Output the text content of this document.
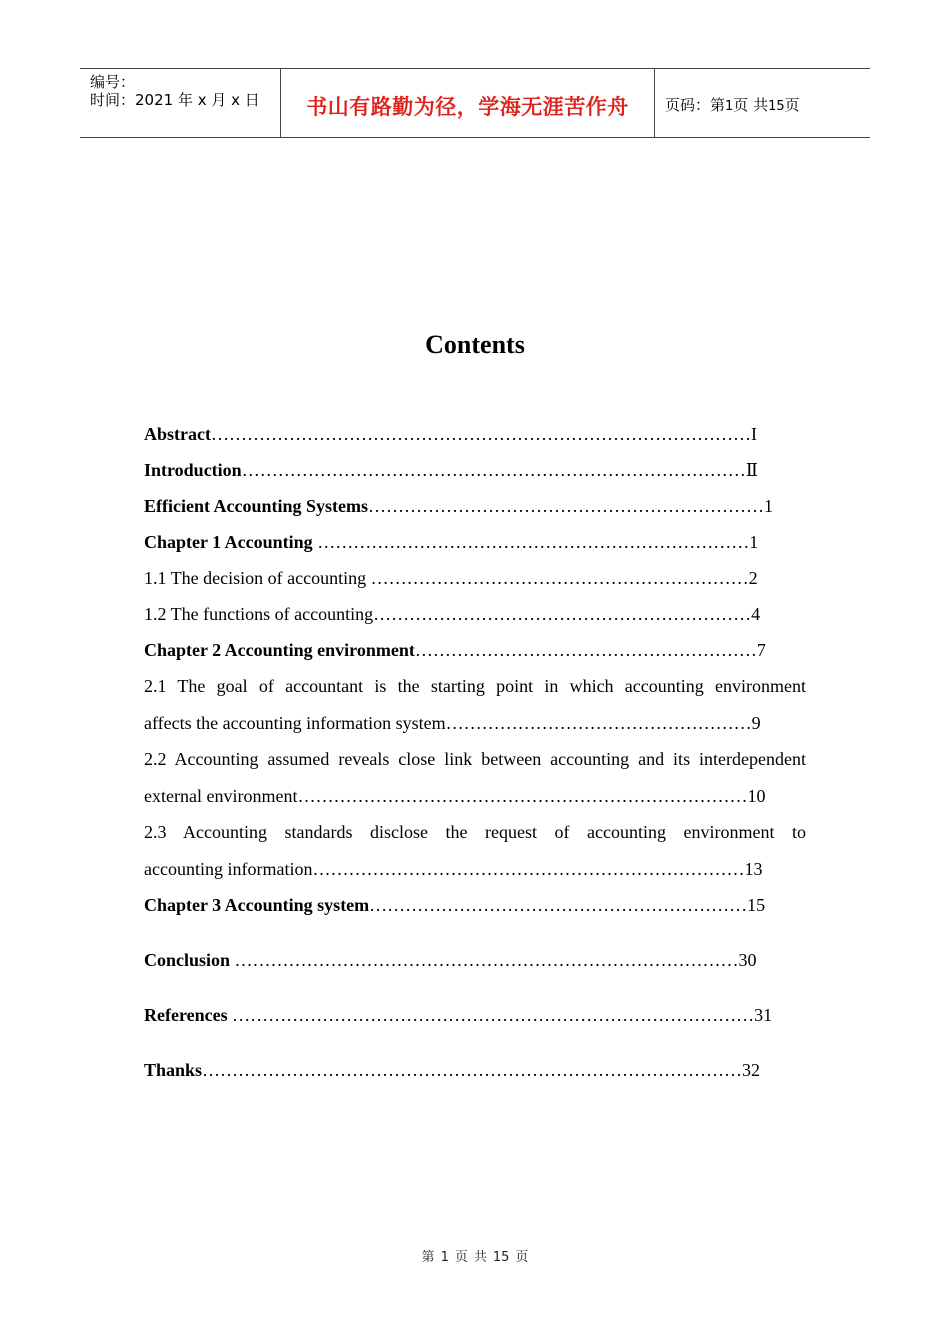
编号：
时间：2021 年 x 月 x 日	书山有路勤为径，学海无涯苦作舟	页码：第1页 共15页
Contents
Abstract………………………………………………………………………………I
Introduction…………………………………………………………………………Ⅱ
Efficient Accounting Systems…………………………………………………………1
Chapter 1 Accounting ………………………………………………………………1
1.1 The decision of accounting ………………………………………………………2
1.2 The functions of accounting………………………………………………………4
Chapter 2 Accounting environment…………………………………………………7
2.1 The goal of accountant is the starting point in which accounting environment
affects the accounting information system……………………………………………9
2.2 Accounting assumed reveals close link between accounting and its interdependent
external environment…………………………………………………………………10
2.3 Accounting standards disclose the request of accounting environment to
accounting information………………………………………………………………13
Chapter 3 Accounting system………………………………………………………15
Conclusion …………………………………………………………………………30
References ……………………………………………………………………………31
Thanks………………………………………………………………………………32
第 1 页 共 15 页
